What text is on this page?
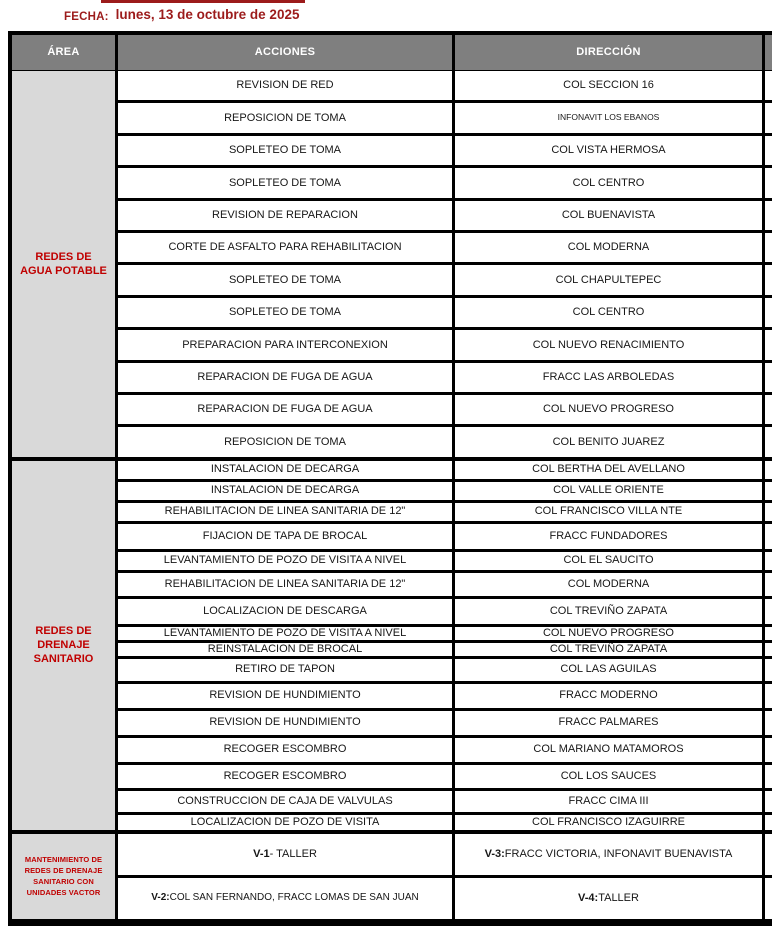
FECHA: lunes, 13 de octubre de 2025
ÁREA	ACCIONES	DIRECCIÓN
REDES DE AGUA POTABLE
REVISION DE RED	COL SECCION 16
REPOSICION DE TOMA	INFONAVIT LOS EBANOS
SOPLETEO DE TOMA	COL VISTA HERMOSA
SOPLETEO DE TOMA	COL CENTRO
REVISION DE REPARACION	COL BUENAVISTA
CORTE DE ASFALTO PARA REHABILITACION	COL MODERNA
SOPLETEO DE TOMA	COL CHAPULTEPEC
SOPLETEO DE TOMA	COL CENTRO
PREPARACION PARA INTERCONEXION	COL NUEVO RENACIMIENTO
REPARACION DE FUGA DE AGUA	FRACC LAS ARBOLEDAS
REPARACION DE FUGA DE AGUA	COL NUEVO PROGRESO
REPOSICION DE TOMA	COL BENITO JUAREZ
REDES DE DRENAJE SANITARIO
INSTALACION DE DECARGA	COL BERTHA DEL AVELLANO
INSTALACION DE DECARGA	COL VALLE ORIENTE
REHABILITACION DE LINEA SANITARIA DE 12"	COL FRANCISCO VILLA NTE
FIJACION DE TAPA DE BROCAL	FRACC FUNDADORES
LEVANTAMIENTO DE POZO DE VISITA A NIVEL	COL EL SAUCITO
REHABILITACION DE LINEA SANITARIA DE 12"	COL MODERNA
LOCALIZACION DE DESCARGA	COL TREVIÑO ZAPATA
LEVANTAMIENTO DE POZO DE VISITA A NIVEL	COL NUEVO PROGRESO
REINSTALACION DE BROCAL	COL TREVIÑO ZAPATA
RETIRO DE TAPON	COL LAS AGUILAS
REVISION DE HUNDIMIENTO	FRACC MODERNO
REVISION DE HUNDIMIENTO	FRACC PALMARES
RECOGER ESCOMBRO	COL MARIANO MATAMOROS
RECOGER ESCOMBRO	COL LOS SAUCES
CONSTRUCCION DE CAJA DE VALVULAS	FRACC CIMA III
LOCALIZACION DE POZO DE VISITA	COL FRANCISCO IZAGUIRRE
MANTENIMIENTO DE REDES DE DRENAJE SANITARIO CON UNIDADES VACTOR
V-1 - TALLER	V-3: FRACC VICTORIA, INFONAVIT BUENAVISTA
V-2: COL SAN FERNANDO, FRACC LOMAS DE SAN JUAN	V-4: TALLER
